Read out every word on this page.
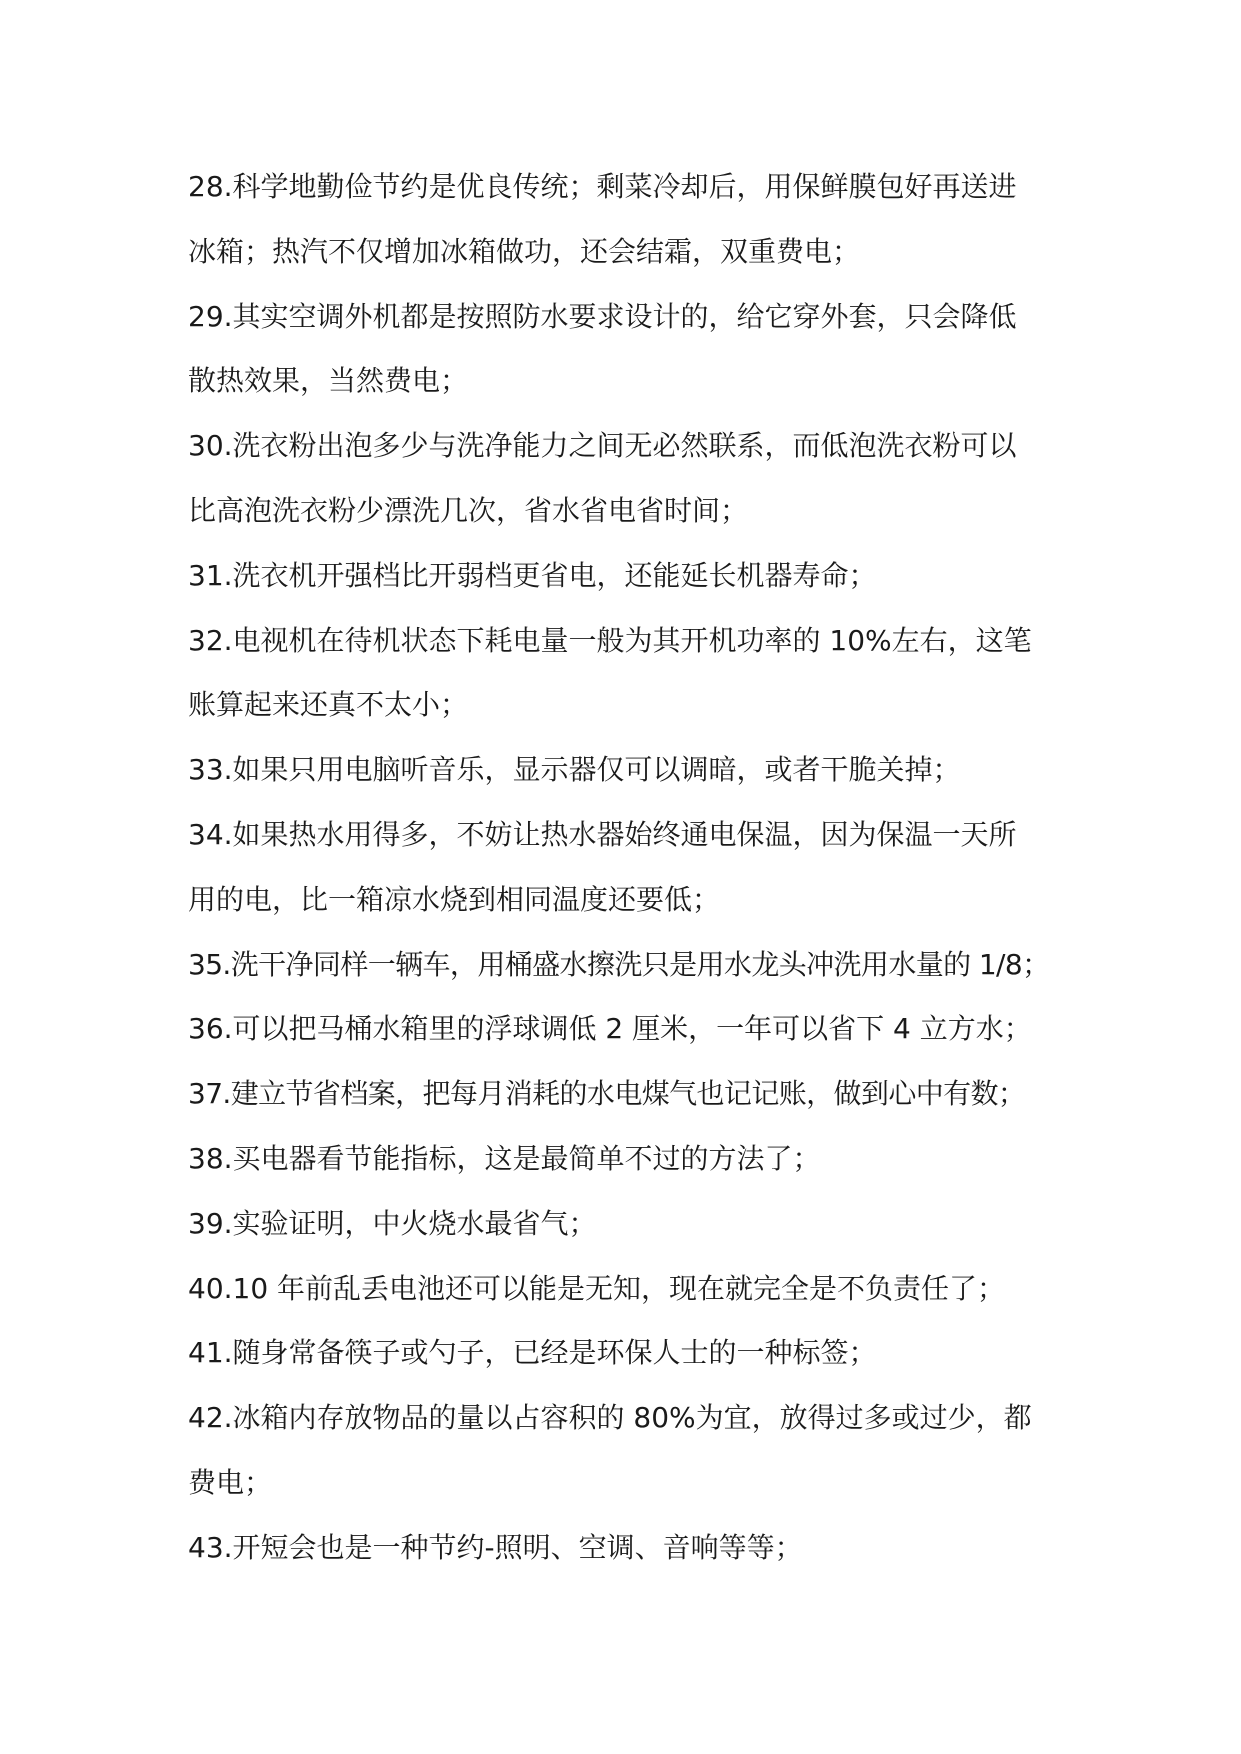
28.科学地勤俭节约是优良传统；剩菜冷却后，用保鲜膜包好再送进
冰箱；热汽不仅增加冰箱做功，还会结霜，双重费电；
29.其实空调外机都是按照防水要求设计的，给它穿外套，只会降低
散热效果，当然费电；
30.洗衣粉出泡多少与洗净能力之间无必然联系，而低泡洗衣粉可以
比高泡洗衣粉少漂洗几次，省水省电省时间；
31.洗衣机开强档比开弱档更省电，还能延长机器寿命；
32.电视机在待机状态下耗电量一般为其开机功率的 10%左右，这笔
账算起来还真不太小；
33.如果只用电脑听音乐，显示器仅可以调暗，或者干脆关掉；
34.如果热水用得多，不妨让热水器始终通电保温，因为保温一天所
用的电，比一箱凉水烧到相同温度还要低；
35.洗干净同样一辆车，用桶盛水擦洗只是用水龙头冲洗用水量的 1/8；
36.可以把马桶水箱里的浮球调低 2 厘米，一年可以省下 4 立方水；
37.建立节省档案，把每月消耗的水电煤气也记记账，做到心中有数；
38.买电器看节能指标，这是最简单不过的方法了；
39.实验证明，中火烧水最省气；
40.10 年前乱丢电池还可以能是无知，现在就完全是不负责任了；
41.随身常备筷子或勺子，已经是环保人士的一种标签；
42.冰箱内存放物品的量以占容积的 80%为宜，放得过多或过少，都
费电；
43.开短会也是一种节约-照明、空调、音响等等；
